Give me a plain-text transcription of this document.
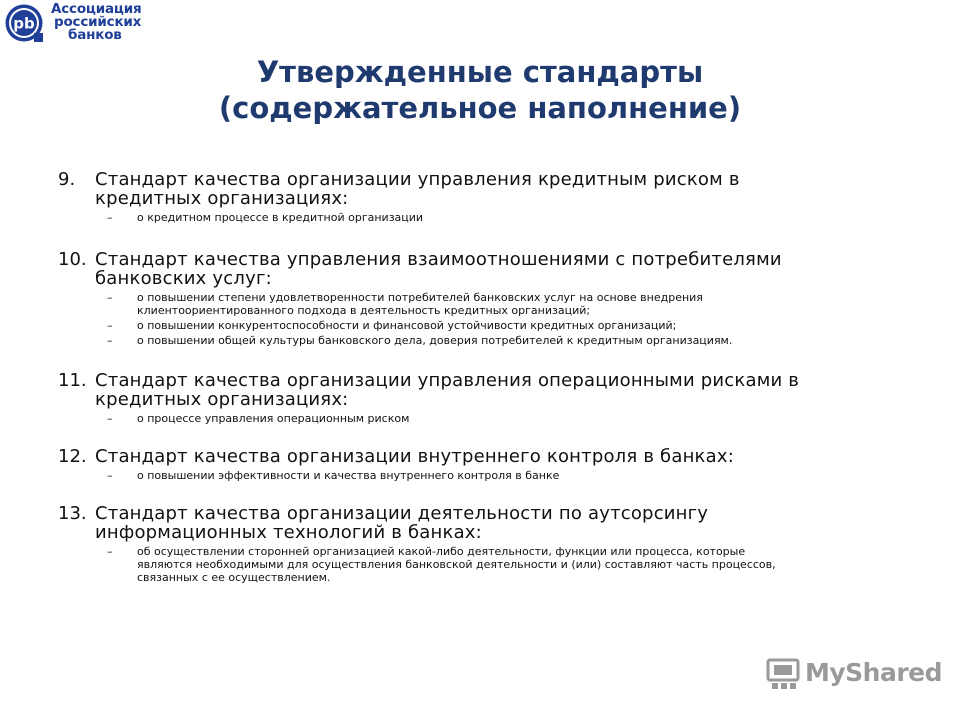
pb
Ассоциация
российских
банков
Утвержденные стандарты
(содержательное наполнение)
9. Стандарт качества организации управления кредитным риском в
кредитных организациях:
– о кредитном процессе в кредитной организации
10. Стандарт качества управления взаимоотношениями с потребителями
банковских услуг:
– о повышении степени удовлетворенности потребителей банковских услуг на основе внедрения
клиентоориентированного подхода в деятельность кредитных организаций;
– о повышении конкурентоспособности и финансовой устойчивости кредитных организаций;
– о повышении общей культуры банковского дела, доверия потребителей к кредитным организациям.
11. Стандарт качества организации управления операционными рисками в
кредитных организациях:
– о процессе управления операционным риском
12. Стандарт качества организации внутреннего контроля в банках:
– о повышении эффективности и качества внутреннего контроля в банке
13. Стандарт качества организации деятельности по аутсорсингу
информационных технологий в банках:
– об осуществлении сторонней организацией какой-либо деятельности, функции или процесса, которые
являются необходимыми для осуществления банковской деятельности и (или) составляют часть процессов,
связанных с ее осуществлением.
MyShared
